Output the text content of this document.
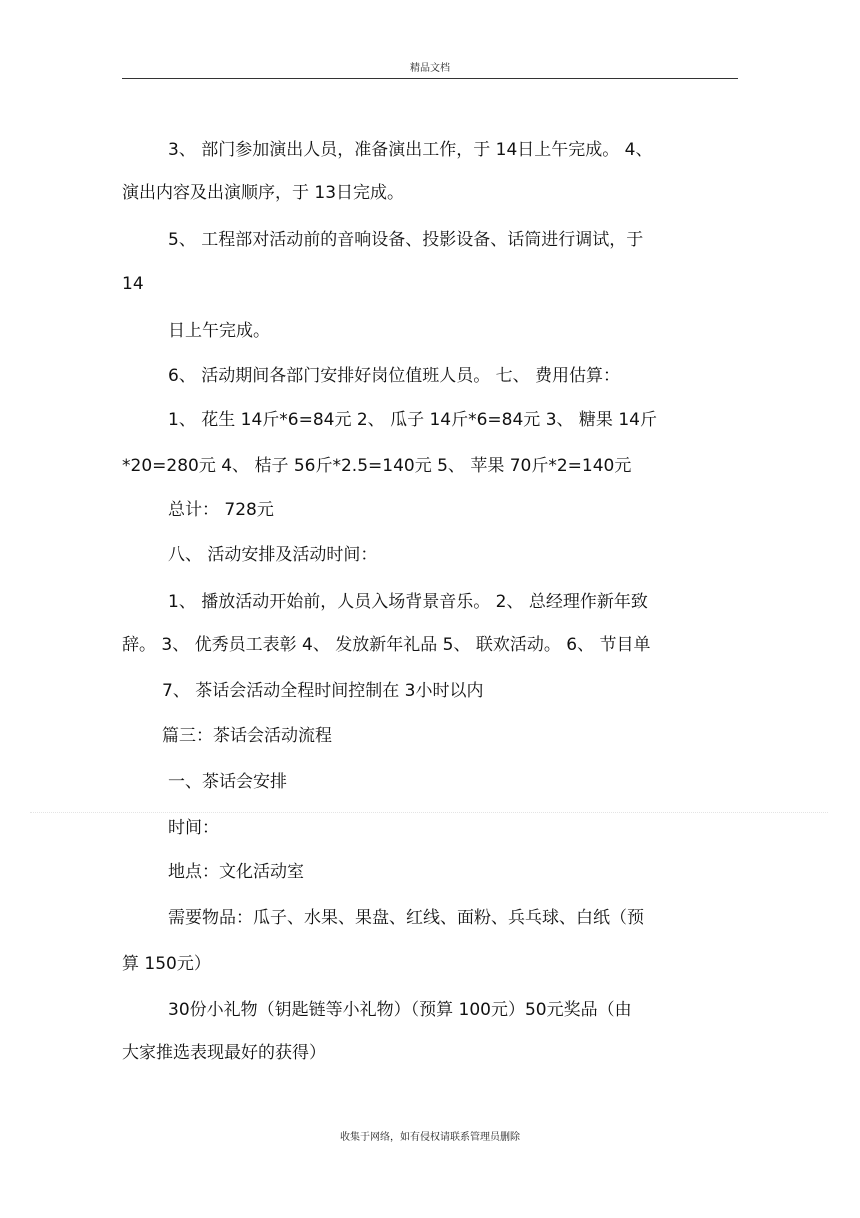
精品文档
3、 部门参加演出人员，准备演出工作，于 14日上午完成。 4、
演出内容及出演顺序，于 13日完成。
5、 工程部对活动前的音响设备、投影设备、话筒进行调试，于
14
日上午完成。
6、 活动期间各部门安排好岗位值班人员。 七、 费用估算：
1、 花生 14斤*6=84元 2、 瓜子 14斤*6=84元 3、 糖果 14斤
*20=280元 4、 桔子 56斤*2.5=140元 5、 苹果 70斤*2=140元
总计： 728元
八、 活动安排及活动时间：
1、 播放活动开始前，人员入场背景音乐。 2、 总经理作新年致
辞。 3、 优秀员工表彰 4、 发放新年礼品 5、 联欢活动。 6、 节目单
7、 茶话会活动全程时间控制在 3小时以内
篇三：茶话会活动流程
一、茶话会安排
时间：
地点：文化活动室
需要物品：瓜子、水果、果盘、红线、面粉、兵乓球、白纸（预
算 150元）
30份小礼物（钥匙链等小礼物）（预算 100元）50元奖品（由
大家推选表现最好的获得）
收集于网络，如有侵权请联系管理员删除
